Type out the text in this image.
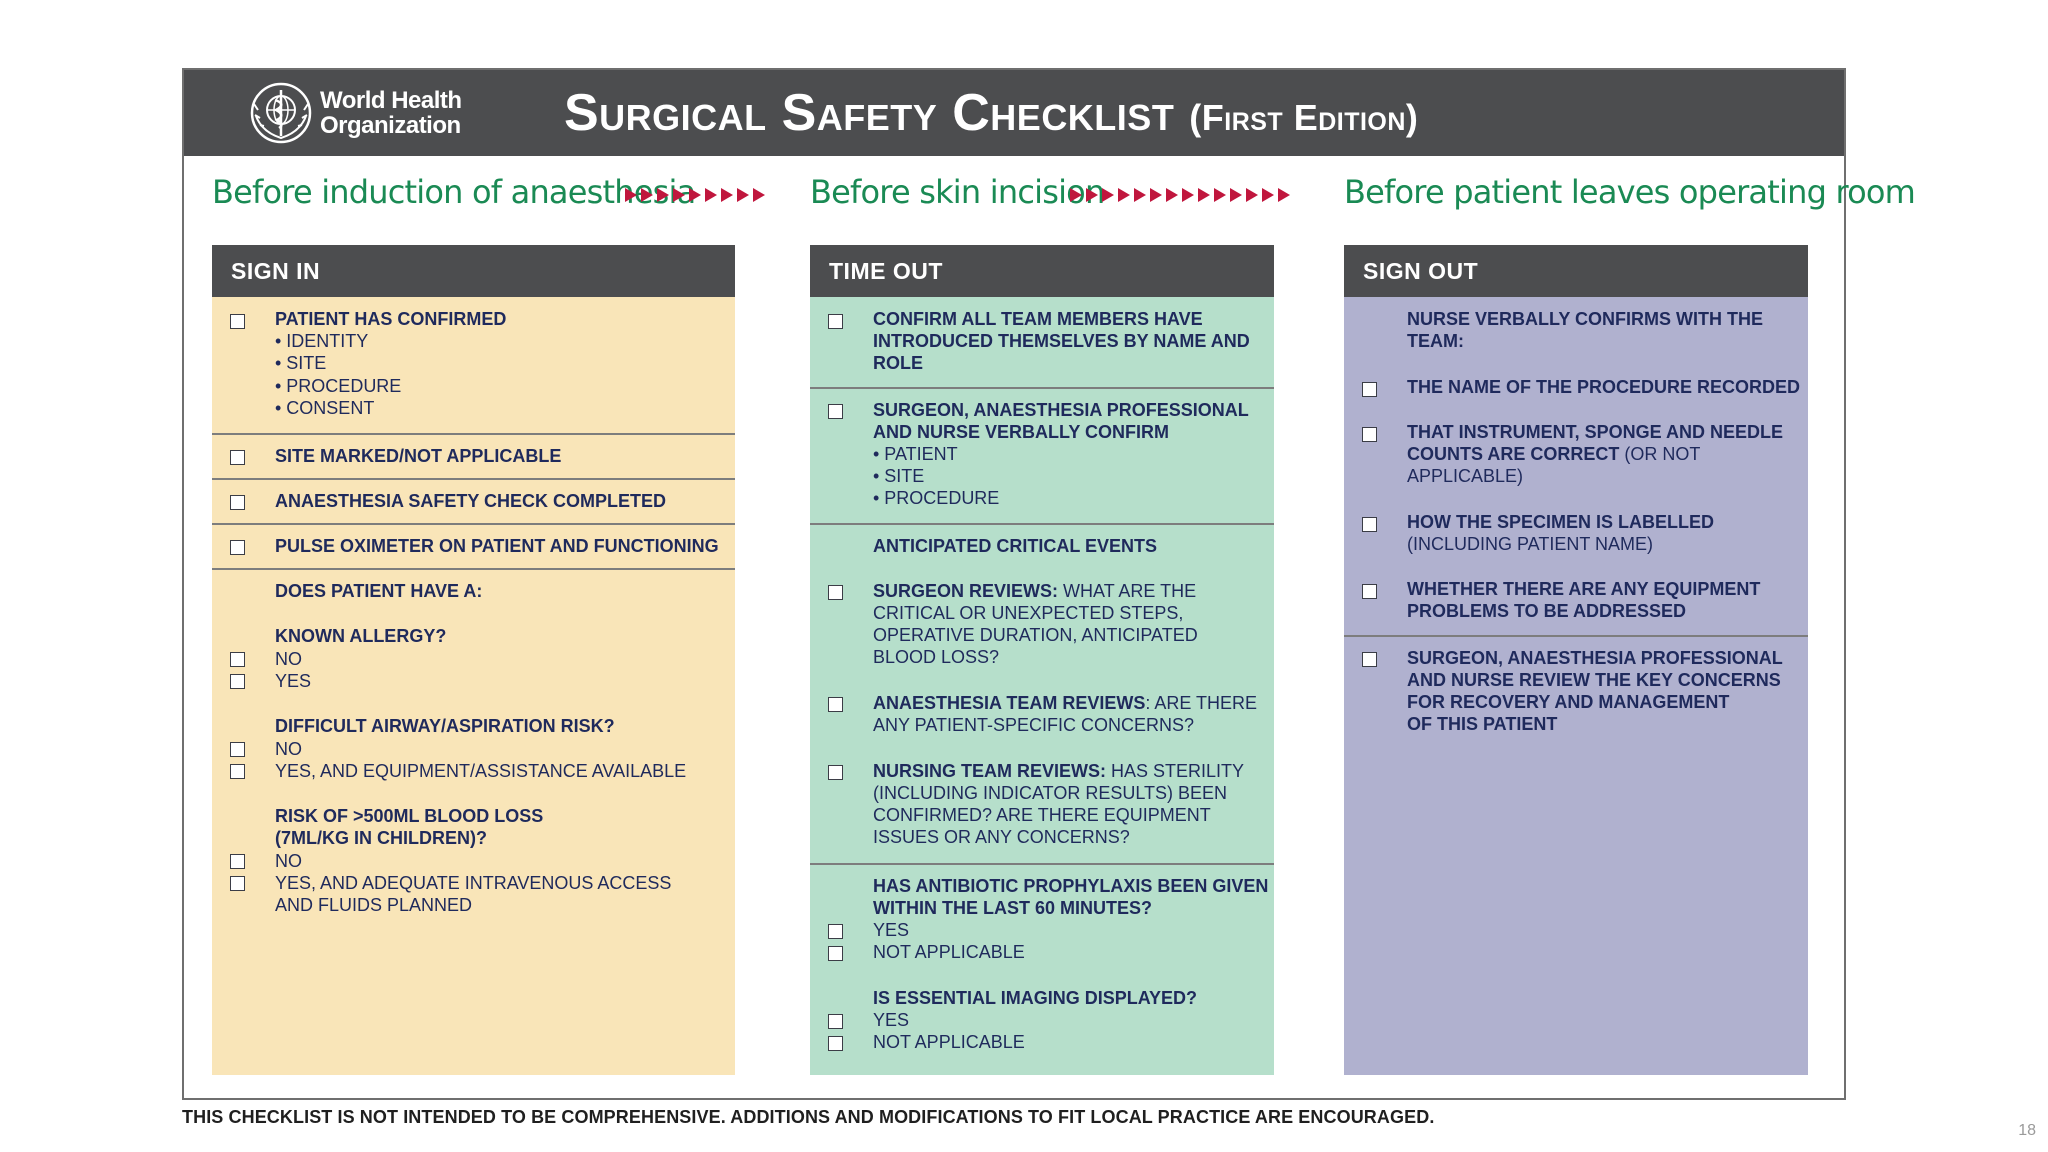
World Health
Organization Surgical Safety Checklist (First Edition)
Before induction of anaesthesia	Before skin incision	Before patient leaves operating room
SIGN IN
PATIENT HAS CONFIRMED
• IDENTITY
• SITE
• PROCEDURE
• CONSENT
SITE MARKED/NOT APPLICABLE
ANAESTHESIA SAFETY CHECK COMPLETED
PULSE OXIMETER ON PATIENT AND FUNCTIONING
DOES PATIENT HAVE A:
KNOWN ALLERGY?
NO
YES
DIFFICULT AIRWAY/ASPIRATION RISK?
NO
YES, AND EQUIPMENT/ASSISTANCE AVAILABLE
RISK OF >500ML BLOOD LOSS
(7ML/KG IN CHILDREN)?
NO
YES, AND ADEQUATE INTRAVENOUS ACCESS
AND FLUIDS PLANNED
TIME OUT
CONFIRM ALL TEAM MEMBERS HAVE
INTRODUCED THEMSELVES BY NAME AND
ROLE
SURGEON, ANAESTHESIA PROFESSIONAL
AND NURSE VERBALLY CONFIRM
• PATIENT
• SITE
• PROCEDURE
ANTICIPATED CRITICAL EVENTS
SURGEON REVIEWS: WHAT ARE THE
CRITICAL OR UNEXPECTED STEPS,
OPERATIVE DURATION, ANTICIPATED
BLOOD LOSS?
ANAESTHESIA TEAM REVIEWS: ARE THERE
ANY PATIENT-SPECIFIC CONCERNS?
NURSING TEAM REVIEWS: HAS STERILITY
(INCLUDING INDICATOR RESULTS) BEEN
CONFIRMED? ARE THERE EQUIPMENT
ISSUES OR ANY CONCERNS?
HAS ANTIBIOTIC PROPHYLAXIS BEEN GIVEN
WITHIN THE LAST 60 MINUTES?
YES
NOT APPLICABLE
IS ESSENTIAL IMAGING DISPLAYED?
YES
NOT APPLICABLE
SIGN OUT
NURSE VERBALLY CONFIRMS WITH THE
TEAM:
THE NAME OF THE PROCEDURE RECORDED
THAT INSTRUMENT, SPONGE AND NEEDLE
COUNTS ARE CORRECT (OR NOT
APPLICABLE)
HOW THE SPECIMEN IS LABELLED
(INCLUDING PATIENT NAME)
WHETHER THERE ARE ANY EQUIPMENT
PROBLEMS TO BE ADDRESSED
SURGEON, ANAESTHESIA PROFESSIONAL
AND NURSE REVIEW THE KEY CONCERNS
FOR RECOVERY AND MANAGEMENT
OF THIS PATIENT
THIS CHECKLIST IS NOT INTENDED TO BE COMPREHENSIVE. ADDITIONS AND MODIFICATIONS TO FIT LOCAL PRACTICE ARE ENCOURAGED.
18
